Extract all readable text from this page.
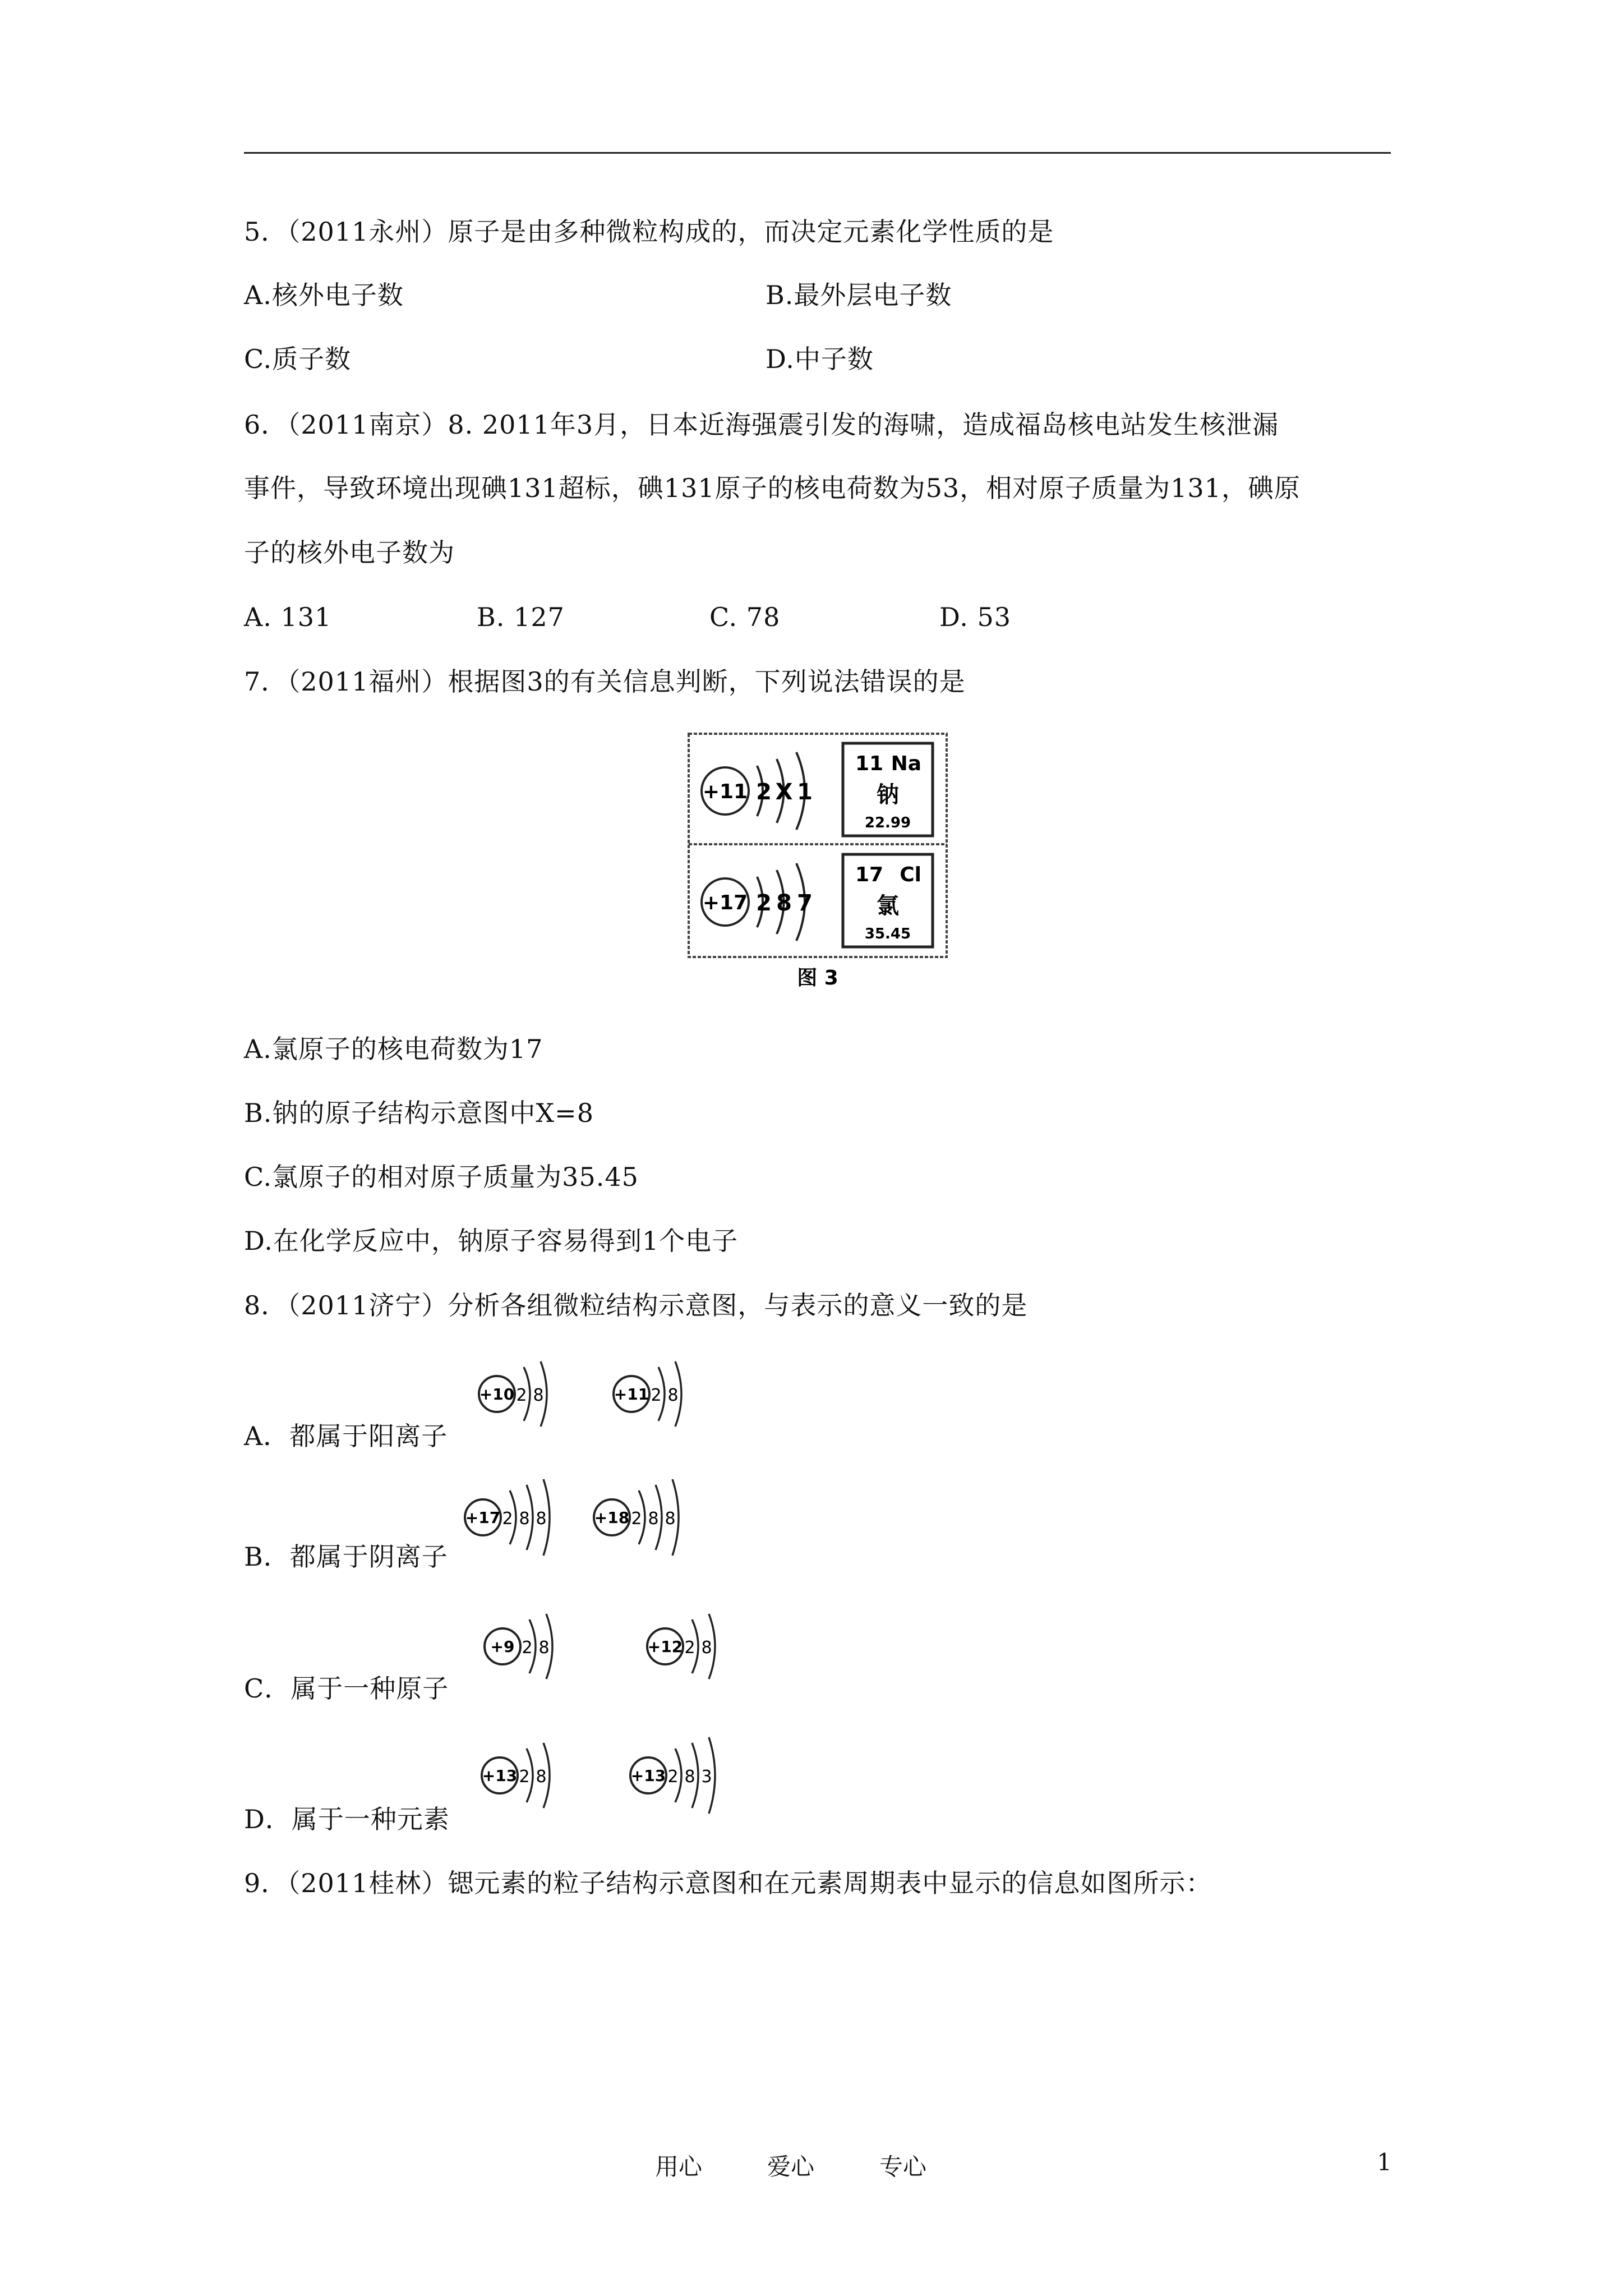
5．（2011永州）原子是由多种微粒构成的，而决定元素化学性质的是
A.核外电子数	B.最外层电子数
C.质子数	D.中子数
6．（2011南京）8. 2011年3月，日本近海强震引发的海啸，造成福岛核电站发生核泄漏
事件，导致环境出现碘131超标，碘131原子的核电荷数为53，相对原子质量为131，碘原
子的核外电子数为
A. 131	B. 127	C. 78	D. 53
7．（2011福州）根据图3的有关信息判断，下列说法错误的是
+11 2 X 1
11 Na
钠
22.99
+17 2 8 7
17 Cl
氯
35.45
图 3
A.氯原子的核电荷数为17
B.钠的原子结构示意图中X=8
C.氯原子的相对原子质量为35.45
D.在化学反应中，钠原子容易得到1个电子
8．（2011济宁）分析各组微粒结构示意图，与表示的意义一致的是
A．都属于阳离子
+10 2 8	+11 2 8
B．都属于阴离子
+17 2 8 8	+18 2 8 8
C．属于一种原子
+9 2 8	+12 2 8
D．属于一种元素
+13 2 8	+13 2 8 3
9．（2011桂林）锶元素的粒子结构示意图和在元素周期表中显示的信息如图所示：
用心	爱心	专心	1
